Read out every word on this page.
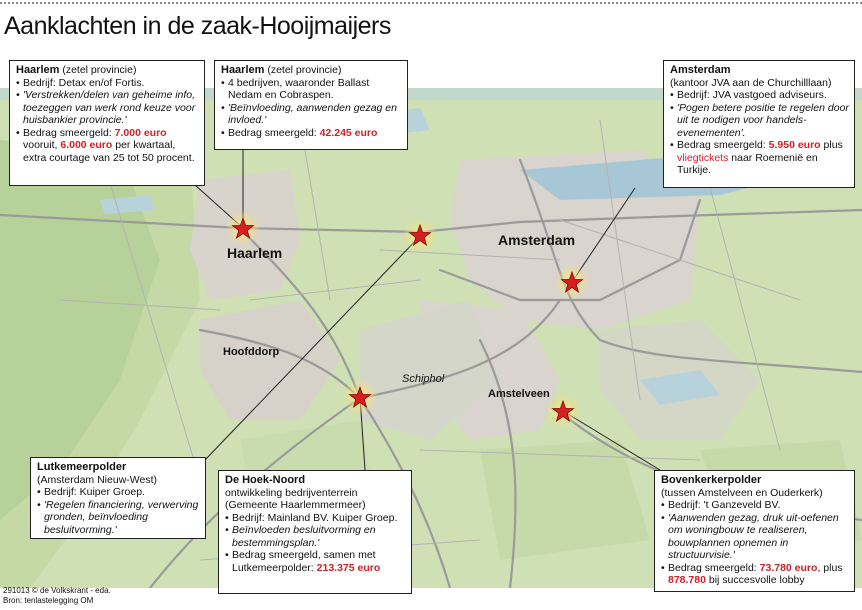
Aanklachten in de zaak-Hooijmaijers
Haarlem
Amsterdam
Hoofddorp
Schiphol
Amstelveen
Haarlem (zetel provincie)
• Bedrijf: Detax en/of Fortis.
• 'Verstrekken/delen van geheime info, toezeggen van werk rond keuze voor huisbankier provincie.'
• Bedrag smeergeld: 7.000 euro vooruit, 6.000 euro per kwartaal, extra courtage van 25 tot 50 procent.
Haarlem (zetel provincie)
• 4 bedrijven, waaronder Ballast Nedam en Cobraspen.
• 'Beïnvloeding, aanwenden gezag en invloed.'
• Bedrag smeergeld: 42.245 euro
Amsterdam
(kantoor JVA aan de Churchilllaan)
• Bedrijf: JVA vastgoed adviseurs.
• 'Pogen betere positie te regelen door uit te nodigen voor handels-evenementen'.
• Bedrag smeergeld: 5.950 euro plus vliegtickets naar Roemenië en Turkije.
Lutkemeerpolder
(Amsterdam Nieuw-West)
• Bedrijf: Kuiper Groep.
• 'Regelen financiering, verwerving gronden, beïnvloeding besluitvorming.'
De Hoek-Noord
ontwikkeling bedrijventerrein
(Gemeente Haarlemmermeer)
• Bedrijf: Mainland BV. Kuiper Groep.
• Beïnvloeden besluitvorming en bestemmingsplan.'
• Bedrag smeergeld, samen met Lutkemeerpolder: 213.375 euro
Bovenkerkerpolder
(tussen Amstelveen en Ouderkerk)
• Bedrijf: 't Ganzeveld BV.
• 'Aanwenden gezag, druk uit-oefenen om woningbouw te realiseren, bouwplannen opnemen in structuurvisie.'
• Bedrag smeergeld: 73.780 euro, plus 878.780 bij succesvolle lobby
291013 © de Volkskrant - eda.
Bron: tenlastelegging OM
